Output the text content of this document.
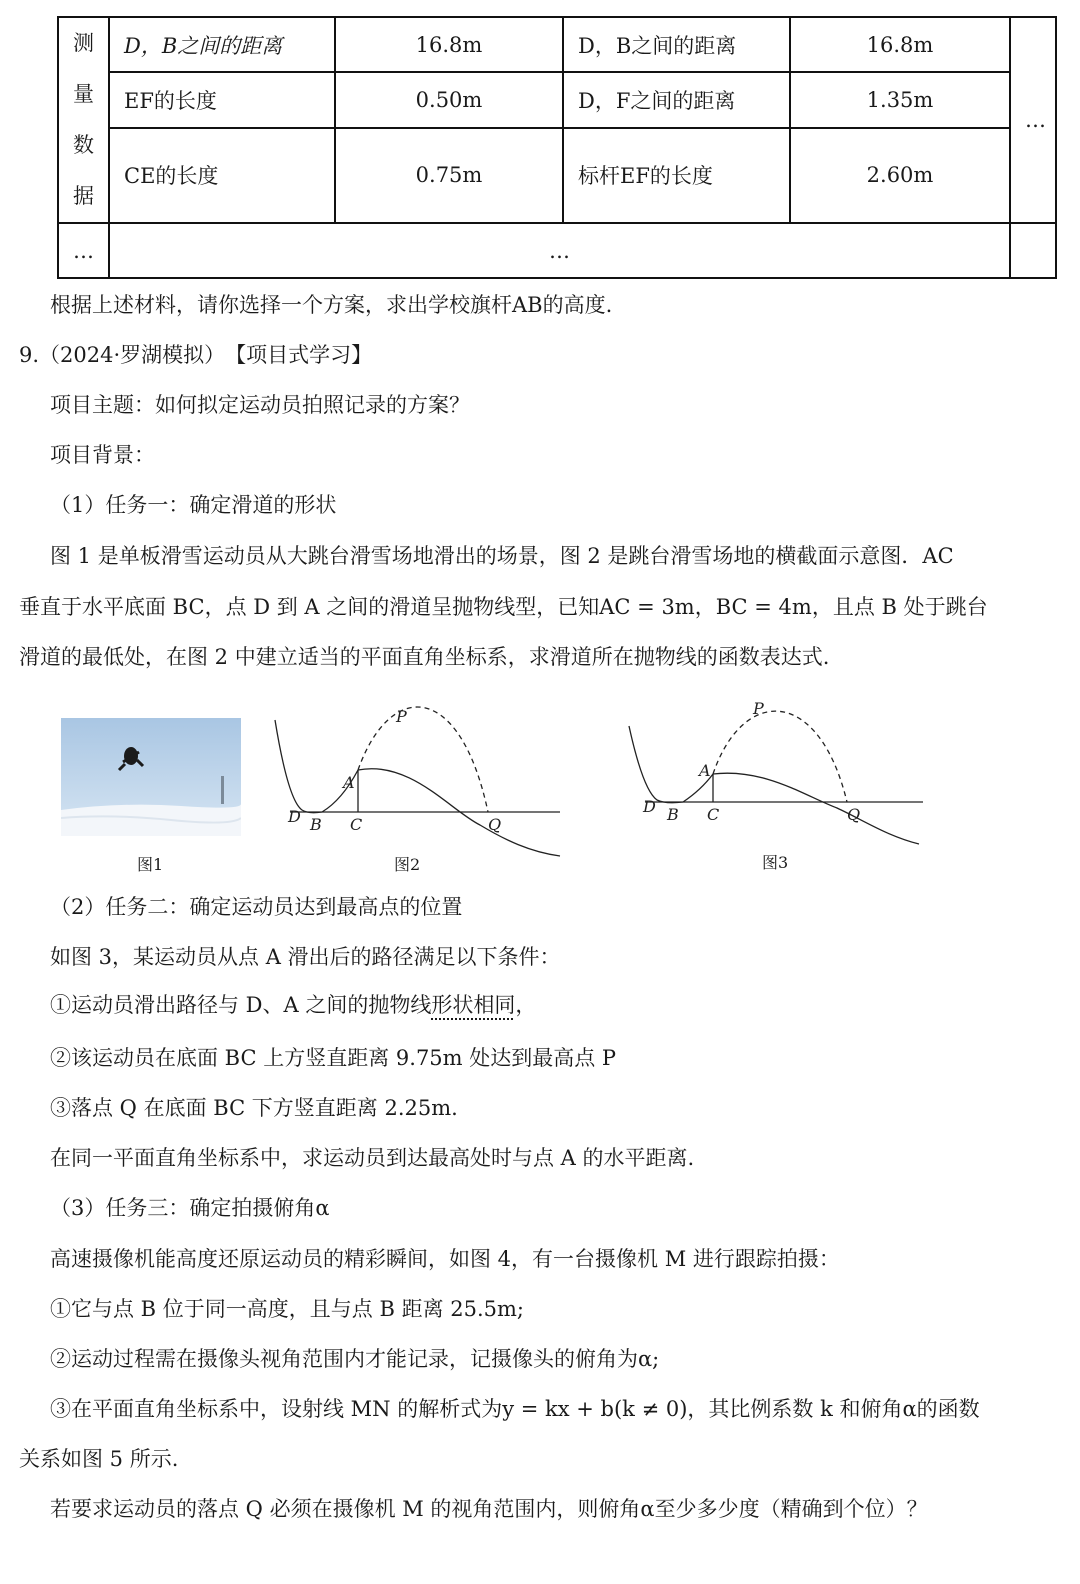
测
量
数
据	D，B之间的距离	16.8m	D，B之间的距离	16.8m	…
	EF的长度	0.50m	D，F之间的距离	1.35m	
	CE的长度	0.75m	标杆EF的长度	2.60m	
…	…				
根据上述材料，请你选择一个方案，求出学校旗杆AB的高度.
9.（2024·罗湖模拟）　【项目式学习】
项目主题：如何拟定运动员拍照记录的方案？
项目背景：
（1）任务一：确定滑道的形状
图 1 是单板滑雪运动员从大跳台滑雪场地滑出的场景，图 2 是跳台滑雪场地的横截面示意图．AC
垂直于水平底面 BC，点 D 到 A 之间的滑道呈抛物线型，已知AC = 3m，BC = 4m，且点 B 处于跳台
滑道的最低处，在图 2 中建立适当的平面直角坐标系，求滑道所在抛物线的函数表达式.
图1
P
A
D B C	Q
图2
P
A
D B C	Q
图3
（2）任务二：确定运动员达到最高点的位置
如图 3，某运动员从点 A 滑出后的路径满足以下条件：
①运动员滑出路径与 D、A 之间的抛物线形状相同，
②该运动员在底面 BC 上方竖直距离 9.75m 处达到最高点 P
③落点 Q 在底面 BC 下方竖直距离 2.25m.
在同一平面直角坐标系中，求运动员到达最高处时与点 A 的水平距离.
（3）任务三：确定拍摄俯角α
高速摄像机能高度还原运动员的精彩瞬间，如图 4，有一台摄像机 M 进行跟踪拍摄：
①它与点 B 位于同一高度，且与点 B 距离 25.5m;
②运动过程需在摄像头视角范围内才能记录，记摄像头的俯角为α;
③在平面直角坐标系中，设射线 MN 的解析式为y = kx + b(k ≠ 0)，其比例系数 k 和俯角α的函数
关系如图 5 所示.
若要求运动员的落点 Q 必须在摄像机 M 的视角范围内，则俯角α至少多少度（精确到个位）？
